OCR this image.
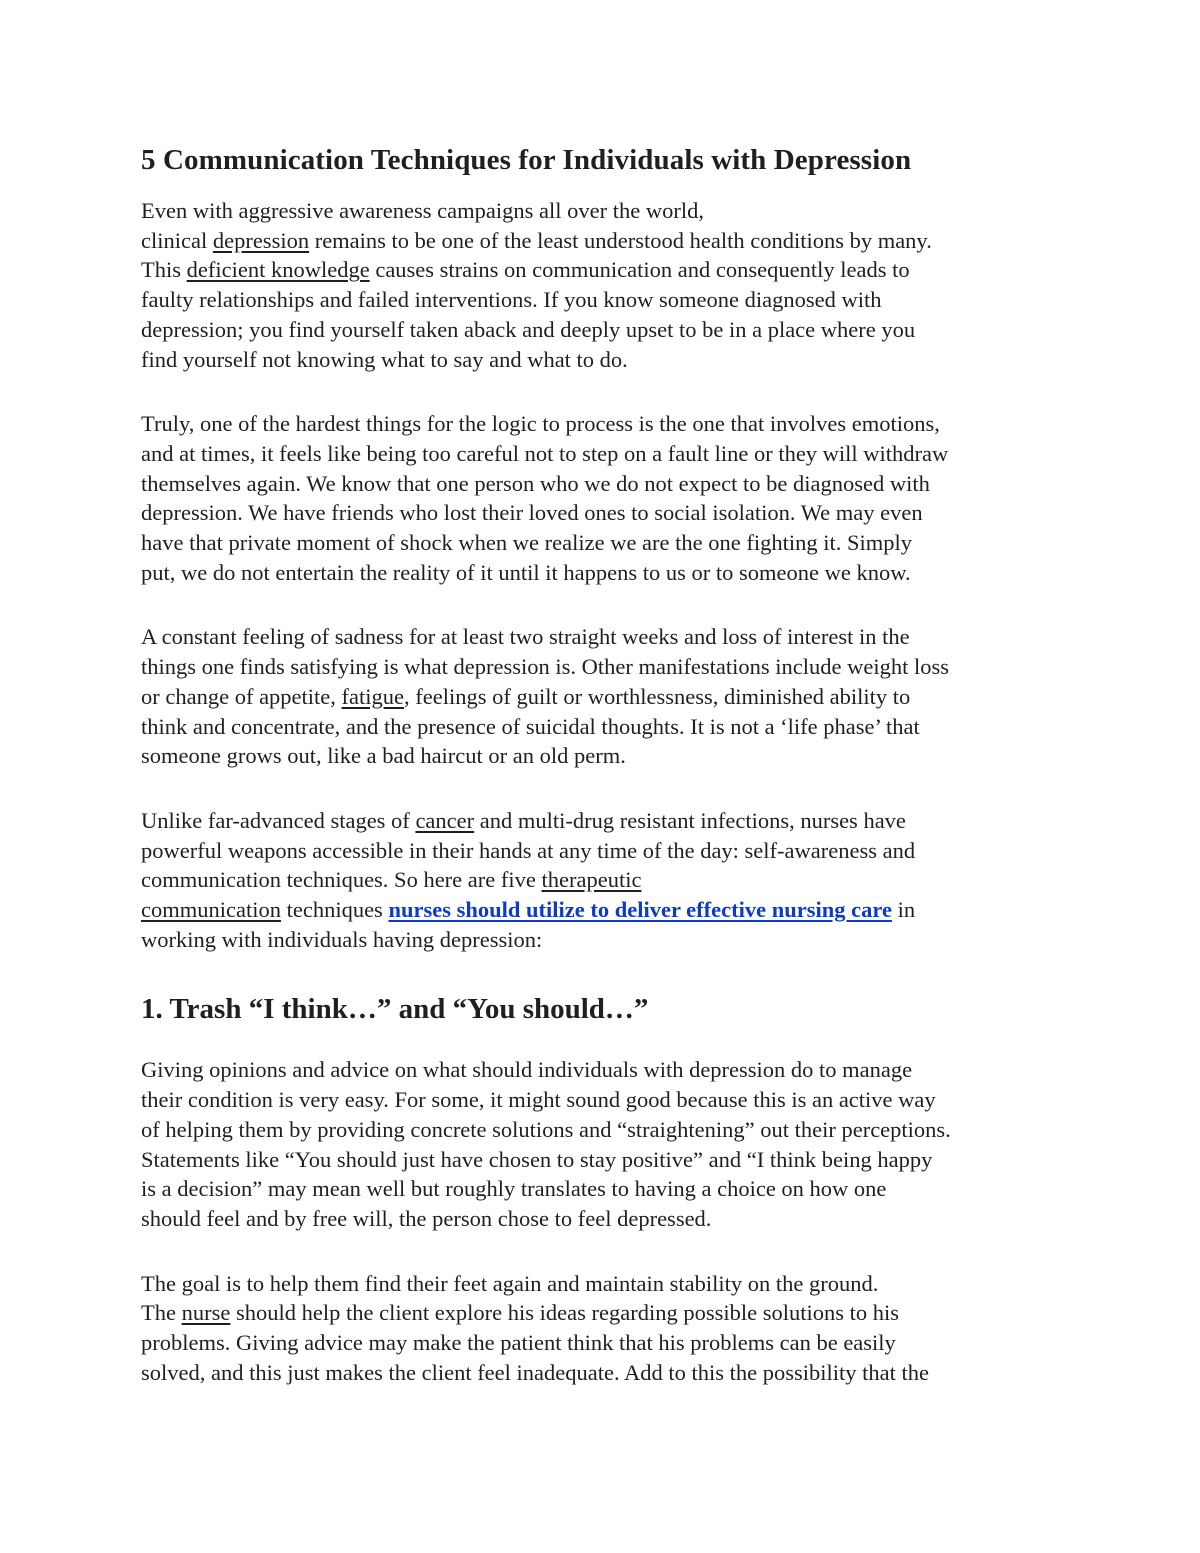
5 Communication Techniques for Individuals with Depression

Even with aggressive awareness campaigns all over the world,
clinical depression remains to be one of the least understood health conditions by many.
This deficient knowledge causes strains on communication and consequently leads to
faulty relationships and failed interventions. If you know someone diagnosed with
depression; you find yourself taken aback and deeply upset to be in a place where you
find yourself not knowing what to say and what to do.

Truly, one of the hardest things for the logic to process is the one that involves emotions,
and at times, it feels like being too careful not to step on a fault line or they will withdraw
themselves again. We know that one person who we do not expect to be diagnosed with
depression. We have friends who lost their loved ones to social isolation. We may even
have that private moment of shock when we realize we are the one fighting it. Simply
put, we do not entertain the reality of it until it happens to us or to someone we know.

A constant feeling of sadness for at least two straight weeks and loss of interest in the
things one finds satisfying is what depression is. Other manifestations include weight loss
or change of appetite, fatigue, feelings of guilt or worthlessness, diminished ability to
think and concentrate, and the presence of suicidal thoughts. It is not a ‘life phase’ that
someone grows out, like a bad haircut or an old perm.

Unlike far-advanced stages of cancer and multi-drug resistant infections, nurses have
powerful weapons accessible in their hands at any time of the day: self-awareness and
communication techniques. So here are five therapeutic
communication techniques nurses should utilize to deliver effective nursing care in
working with individuals having depression:

1. Trash “I think…” and “You should…”

Giving opinions and advice on what should individuals with depression do to manage
their condition is very easy. For some, it might sound good because this is an active way
of helping them by providing concrete solutions and “straightening” out their perceptions.
Statements like “You should just have chosen to stay positive” and “I think being happy
is a decision” may mean well but roughly translates to having a choice on how one
should feel and by free will, the person chose to feel depressed.

The goal is to help them find their feet again and maintain stability on the ground.
The nurse should help the client explore his ideas regarding possible solutions to his
problems. Giving advice may make the patient think that his problems can be easily
solved, and this just makes the client feel inadequate. Add to this the possibility that the
